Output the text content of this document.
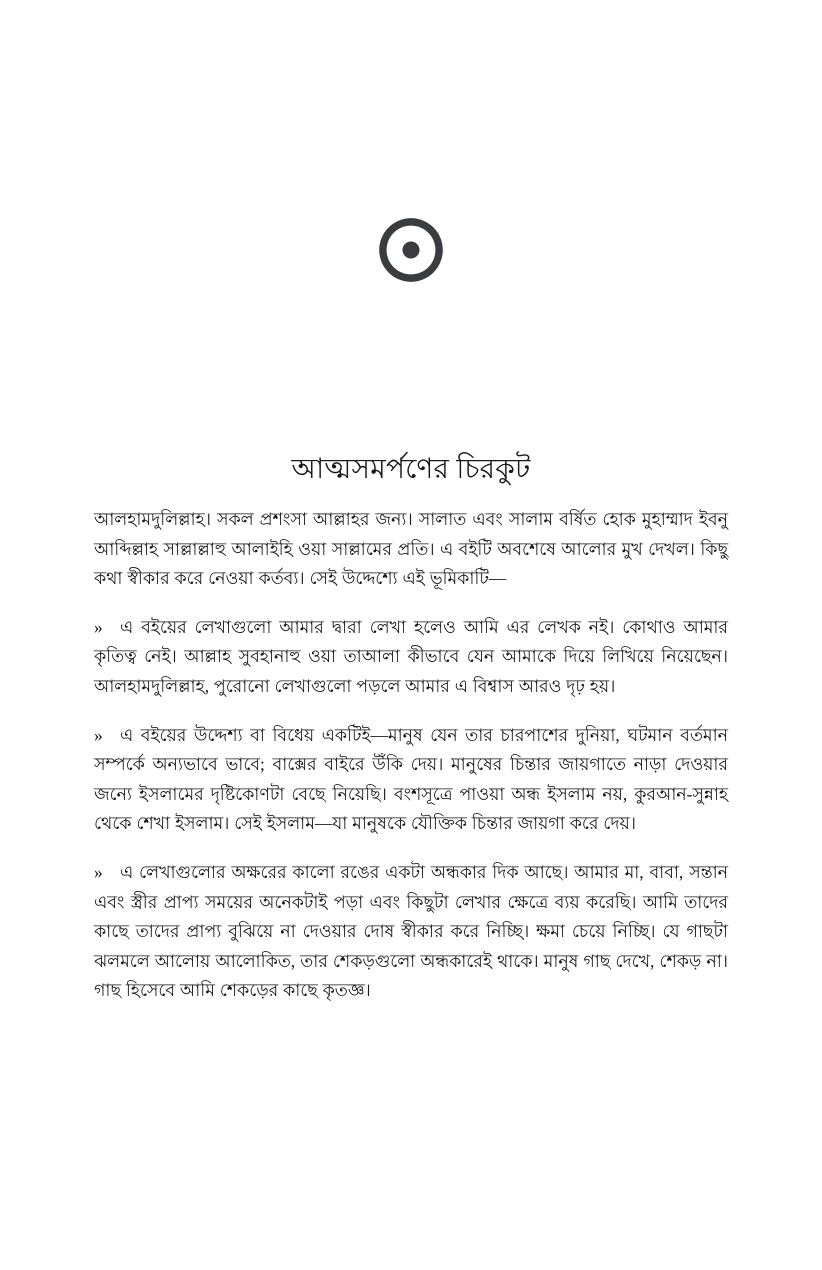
আত্মসমর্পণের চিরকুট

আলহামদুলিল্লাহ। সকল প্রশংসা আল্লাহর জন্য। সালাত এবং সালাম বর্ষিত হোক মুহাম্মাদ ইবনু আব্দিল্লাহ সাল্লাল্লাহু আলাইহি ওয়া সাল্লামের প্রতি। এ বইটি অবশেষে আলোর মুখ দেখল। কিছু কথা স্বীকার করে নেওয়া কর্তব্য। সেই উদ্দেশ্যে এই ভূমিকাটি—

» এ বইয়ের লেখাগুলো আমার দ্বারা লেখা হলেও আমি এর লেখক নই। কোথাও আমার কৃতিত্ব নেই। আল্লাহ সুবহানাহু ওয়া তাআলা কীভাবে যেন আমাকে দিয়ে লিখিয়ে নিয়েছেন। আলহামদুলিল্লাহ, পুরোনো লেখাগুলো পড়লে আমার এ বিশ্বাস আরও দৃঢ় হয়।

» এ বইয়ের উদ্দেশ্য বা বিধেয় একটিই—মানুষ যেন তার চারপাশের দুনিয়া, ঘটমান বর্তমান সম্পর্কে অন্যভাবে ভাবে; বাক্সের বাইরে উঁকি দেয়। মানুষের চিন্তার জায়গাতে নাড়া দেওয়ার জন্যে ইসলামের দৃষ্টিকোণটা বেছে নিয়েছি। বংশসূত্রে পাওয়া অন্ধ ইসলাম নয়, কুরআন-সুন্নাহ থেকে শেখা ইসলাম। সেই ইসলাম—যা মানুষকে যৌক্তিক চিন্তার জায়গা করে দেয়।

» এ লেখাগুলোর অক্ষরের কালো রঙের একটা অন্ধকার দিক আছে। আমার মা, বাবা, সন্তান এবং স্ত্রীর প্রাপ্য সময়ের অনেকটাই পড়া এবং কিছুটা লেখার ক্ষেত্রে ব্যয় করেছি। আমি তাদের কাছে তাদের প্রাপ্য বুঝিয়ে না দেওয়ার দোষ স্বীকার করে নিচ্ছি। ক্ষমা চেয়ে নিচ্ছি। যে গাছটা ঝলমলে আলোয় আলোকিত, তার শেকড়গুলো অন্ধকারেই থাকে। মানুষ গাছ দেখে, শেকড় না। গাছ হিসেবে আমি শেকড়ের কাছে কৃতজ্ঞ।
